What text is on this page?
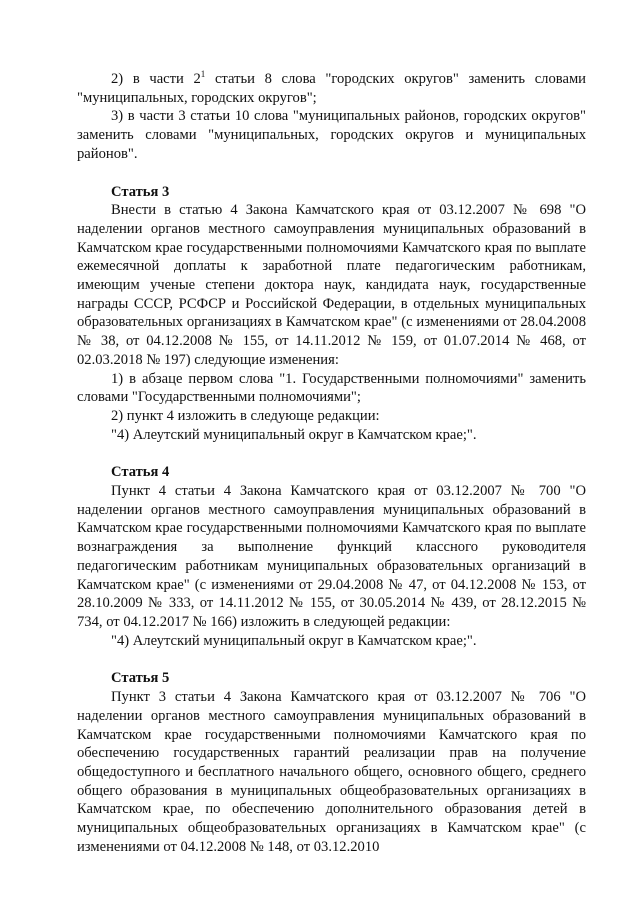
2) в части $2^1$ статьи 8 слова "городских округов" заменить словами "муниципальных, городских округов";

3) в части 3 статьи 10 слова "муниципальных районов, городских округов" заменить словами "муниципальных, городских округов и муниципальных районов".

Статья 3

Внести в статью 4 Закона Камчатского края от 03.12.2007 № 698 "О наделении органов местного самоуправления муниципальных образований в Камчатском крае государственными полномочиями Камчатского края по выплате ежемесячной доплаты к заработной плате педагогическим работникам, имеющим ученые степени доктора наук, кандидата наук, государственные награды СССР, РСФСР и Российской Федерации, в отдельных муниципальных образовательных организациях в Камчатском крае" (с изменениями от 28.04.2008 № 38, от 04.12.2008 № 155, от 14.11.2012 № 159, от 01.07.2014 № 468, от 02.03.2018 № 197) следующие изменения:

1) в абзаце первом слова "1. Государственными полномочиями" заменить словами "Государственными полномочиями";

2) пункт 4 изложить в следующе редакции:

"4) Алеутский муниципальный округ в Камчатском крае;".

Статья 4

Пункт 4 статьи 4 Закона Камчатского края от 03.12.2007 № 700 "О наделении органов местного самоуправления муниципальных образований в Камчатском крае государственными полномочиями Камчатского края по выплате вознаграждения за выполнение функций классного руководителя педагогическим работникам муниципальных образовательных организаций в Камчатском крае" (с изменениями от 29.04.2008 № 47, от 04.12.2008 № 153, от 28.10.2009 № 333, от 14.11.2012 № 155, от 30.05.2014 № 439, от 28.12.2015 № 734, от 04.12.2017 № 166) изложить в следующей редакции:

"4) Алеутский муниципальный округ в Камчатском крае;".

Статья 5

Пункт 3 статьи 4 Закона Камчатского края от 03.12.2007 № 706 "О наделении органов местного самоуправления муниципальных образований в Камчатском крае государственными полномочиями Камчатского края по обеспечению государственных гарантий реализации прав на получение общедоступного и бесплатного начального общего, основного общего, среднего общего образования в муниципальных общеобразовательных организациях в Камчатском крае, по обеспечению дополнительного образования детей в муниципальных общеобразовательных организациях в Камчатском крае" (с изменениями от 04.12.2008 № 148, от 03.12.2010
